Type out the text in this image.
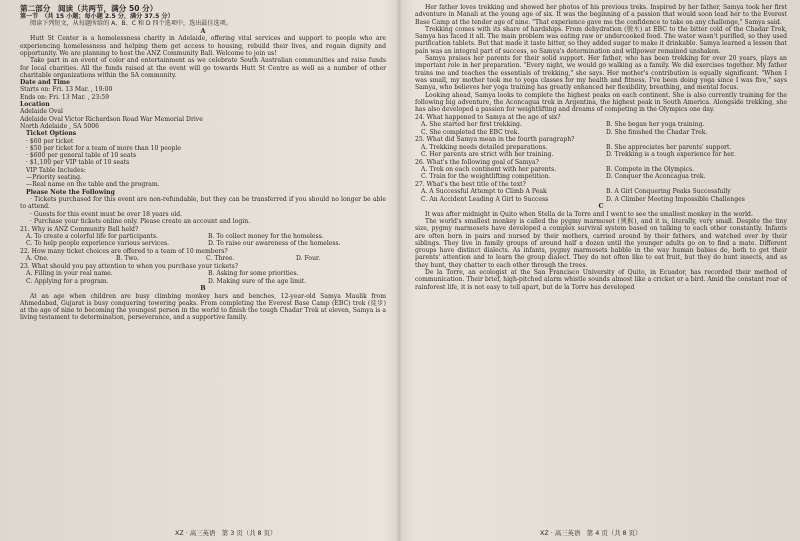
第二部分　阅读（共两节，满分 50 分）
第一节　（共 15 小题；每小题 2.5 分，满分 37.5 分）
阅读下列短文，从每题所给的 A、B、C 和 D 四个选项中，选出最佳选项。
A

Hutt St Center is a homelessness charity in Adelaide, offering vital services and support to people who are experiencing homelessness and helping them get access to housing, rebuild their lives, and regain dignity and opportunity. We are planning to host the ANZ Community Ball. Welcome to join us!

Take part in an event of color and entertainment as we celebrate South Australian communities and raise funds for local charities. All the funds raised at the event will go towards Hutt St Centre as well as a number of other charitable organizations within the SA community.

Date and Time
Starts on: Fri. 13 Mar. , 19:00
Ends on: Fri. 13 Mar. , 23:59
Location
Adelaide Oval
Adelaide Oval Victor Richardson Road War Memorial Drive
North Adelaide , SA 5006
Ticket Options
· $60 per ticket
· $50 per ticket for a team of more than 10 people
· $600 per general table of 10 seats
· $1,100 per VIP table of 10 seats
VIP Table Includes:
—Priority seating.
—Real name on the table and the program.
Please Note the Following

· Tickets purchased for this event are non-refundable, but they can be transferred if you should no longer be able to attend.

· Guests for this event must be over 18 years old.

· Purchase your tickets online only. Please create an account and login.

21. Why is ANZ Community Ball held?
A. To create a colorful life for participants.	B. To collect money for the homeless.
C. To help people experience various services.	D. To raise our awareness of the homeless.
22. How many ticket choices are offered to a team of 10 members?
A. One.	B. Two.	C. Three.	D. Four.
23. What should you pay attention to when you purchase your tickets?
A. Filling in your real name.	B. Asking for some priorities.
C. Applying for a program.	D. Making sure of the age limit.
B

At an age when children are busy climbing monkey bars and benches, 12-year-old Samya Maulik from Ahmedabad, Gujarat is busy conquering towering peaks. From completing the Everest Base Camp (EBC) trek (徒步) at the age of nine to becoming the youngest person in the world to finish the tough Chadar Trek at eleven, Samya is a living testament to determination, perseverance, and a supportive family.

Her father loves trekking and showed her photos of his previous treks. Inspired by her father, Samya took her first adventure in Manali at the young age of six. It was the beginning of a passion that would soon lead her to the Everest Base Camp at the tender age of nine. "That experience gave me the confidence to take on any challenge," Samya said.

Trekking comes with its share of hardships. From dehydration (脱水) at EBC to the bitter cold of the Chadar Trek, Samya has faced it all. The main problem was eating raw or undercooked food. The water wasn't purified, so they used purification tablets. But that made it taste bitter, so they added sugar to make it drinkable. Samya learned a lesson that pain was an integral part of success, so Samya's determination and willpower remained unshaken.

Samya praises her parents for their solid support. Her father, who has been trekking for over 20 years, plays an important role in her preparation. "Every night, we would go walking as a family. We did exercises together. My father trains me and teaches the essentials of trekking," she says. Her mother's contribution is equally significant. "When I was small, my mother took me to yoga classes for my health and fitness. I've been doing yoga since I was five," says Samya, who believes her yoga training has greatly enhanced her flexibility, breathing, and mental focus.

Looking ahead, Samya looks to complete the highest peaks on each continent. She is also currently training for the following big adventure, the Aconcagua trek in Argentina, the highest peak in South America. Alongside trekking, she has also developed a passion for weightlifting and dreams of competing in the Olympics one day.

24. What happened to Samya at the age of six?
A. She started her first trekking.	B. She began her yoga training.
C. She completed the EBC trek.	D. She finished the Chadar Trek.
25. What did Samya mean in the fourth paragraph?
A. Trekking needs detailed preparations.	B. She appreciates her parents' support.
C. Her parents are strict with her training.	D. Trekking is a tough experience for her.
26. What's the following goal of Samya?
A. Trek on each continent with her parents.	B. Compete in the Olympics.
C. Train for the weightlifting competition.	D. Conquer the Aconcagua trek.
27. What's the best title of the text?
A. A Successful Attempt to Climb A Peak	B. A Girl Conquering Peaks Successfully
C. An Accident Leading A Girl to Success	D. A Climber Meeting Impossible Challenges
C

It was after midnight in Quito when Stella de la Torre and I went to see the smallest monkey in the world.

The world's smallest monkey is called the pygmy marmoset (狨猴), and it is, literally, very small. Despite the tiny size, pygmy marmosets have developed a complex survival system based on talking to each other constantly. Infants are often born in pairs and nursed by their mothers, carried around by their fathers, and watched over by their siblings. They live in family groups of around half a dozen until the younger adults go on to find a mate. Different groups have distinct dialects. As infants, pygmy marmosets babble in the way human babies do, both to get their parents' attention and to learn the group dialect. They do not often like to eat fruit, but they do hunt insects, and as they hunt, they chatter to each other through the trees.

De la Torre, an ecologist at the San Francisco University of Quito, in Ecuador, has recorded their method of communication. Their brief, high-pitched alarm whistle sounds almost like a cricket or a bird. Amid the constant roar of rainforest life, it is not easy to tell apart, but de la Torre has developed

XZ · 高三英语　第 3 页（共 8 页）	XZ · 高三英语　第 4 页（共 8 页）
